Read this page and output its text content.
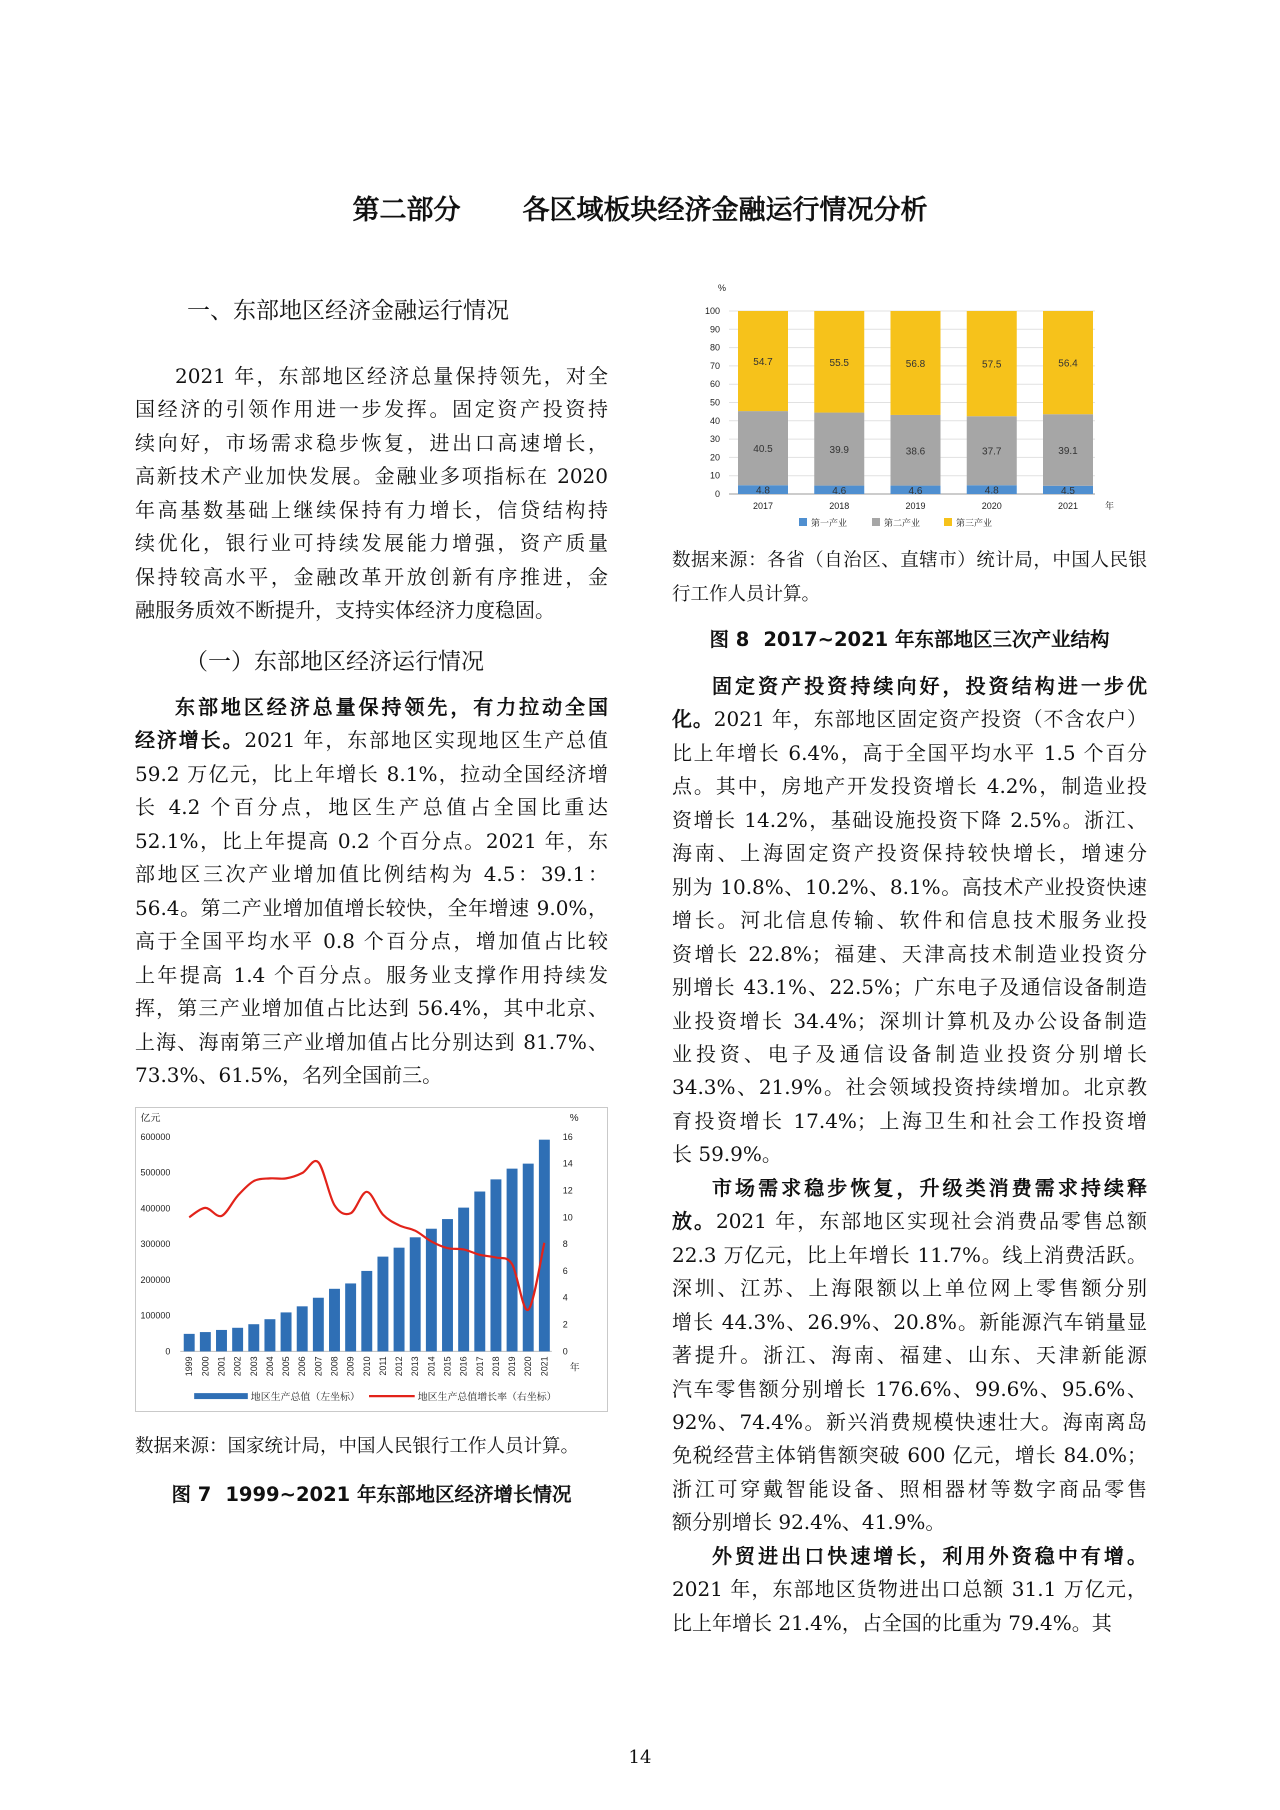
第二部分 各区域板块经济金融运行情况分析
一、东部地区经济金融运行情况
2021 年，东部地区经济总量保持领先，对全
国经济的引领作用进一步发挥。固定资产投资持
续向好，市场需求稳步恢复，进出口高速增长，
高新技术产业加快发展。金融业多项指标在 2020
年高基数基础上继续保持有力增长，信贷结构持
续优化，银行业可持续发展能力增强，资产质量
保持较高水平，金融改革开放创新有序推进，金
融服务质效不断提升，支持实体经济力度稳固。
（一）东部地区经济运行情况
东部地区经济总量保持领先，有力拉动全国
经济增长。2021 年，东部地区实现地区生产总值
59.2 万亿元，比上年增长 8.1%，拉动全国经济增
长 4.2 个百分点，地区生产总值占全国比重达
52.1%，比上年提高 0.2 个百分点。2021 年，东
部地区三次产业增加值比例结构为 4.5：39.1：
56.4。第二产业增加值增长较快，全年增速 9.0%，
高于全国平均水平 0.8 个百分点，增加值占比较
上年提高 1.4 个百分点。服务业支撑作用持续发
挥，第三产业增加值占比达到 56.4%，其中北京、
上海、海南第三产业增加值占比分别达到 81.7%、
73.3%、61.5%，名列全国前三。
亿元	%
0
100000
200000
300000
400000
500000
600000
0
2
4
6
8
10
12
14
16
1999 2000 2001 2002 2003 2004 2005 2006 2007 2008 2009 2010 2011 2012 2013 2014 2015 2016 2017 2018 2019 2020 2021 年
地区生产总值（左坐标）	地区生产总值增长率（右坐标）
数据来源：国家统计局，中国人民银行工作人员计算。
图 7 1999~2021 年东部地区经济增长情况
%
0
10
20
30
40
50
60
70
80
90
100
4.8
40.5
54.7
2017
4.6
39.9
55.5
2018
4.6
38.6
56.8
2019
4.8
37.7
57.5
2020
4.5
39.1
56.4
2021	年
第一产业	第二产业	第三产业
数据来源：各省（自治区、直辖市）统计局，中国人民银
行工作人员计算。
图 8 2017~2021 年东部地区三次产业结构
固定资产投资持续向好，投资结构进一步优
化。2021 年，东部地区固定资产投资（不含农户）
比上年增长 6.4%，高于全国平均水平 1.5 个百分
点。其中，房地产开发投资增长 4.2%，制造业投
资增长 14.2%，基础设施投资下降 2.5%。浙江、
海南、上海固定资产投资保持较快增长，增速分
别为 10.8%、10.2%、8.1%。高技术产业投资快速
增长。河北信息传输、软件和信息技术服务业投
资增长 22.8%；福建、天津高技术制造业投资分
别增长 43.1%、22.5%；广东电子及通信设备制造
业投资增长 34.4%；深圳计算机及办公设备制造
业投资、电子及通信设备制造业投资分别增长
34.3%、21.9%。社会领域投资持续增加。北京教
育投资增长 17.4%；上海卫生和社会工作投资增
长 59.9%。
市场需求稳步恢复，升级类消费需求持续释
放。2021 年，东部地区实现社会消费品零售总额
22.3 万亿元，比上年增长 11.7%。线上消费活跃。
深圳、江苏、上海限额以上单位网上零售额分别
增长 44.3%、26.9%、20.8%。新能源汽车销量显
著提升。浙江、海南、福建、山东、天津新能源
汽车零售额分别增长 176.6%、99.6%、95.6%、
92%、74.4%。新兴消费规模快速壮大。海南离岛
免税经营主体销售额突破 600 亿元，增长 84.0%；
浙江可穿戴智能设备、照相器材等数字商品零售
额分别增长 92.4%、41.9%。
外贸进出口快速增长，利用外资稳中有增。
2021 年，东部地区货物进出口总额 31.1 万亿元，
比上年增长 21.4%，占全国的比重为 79.4%。其
14
